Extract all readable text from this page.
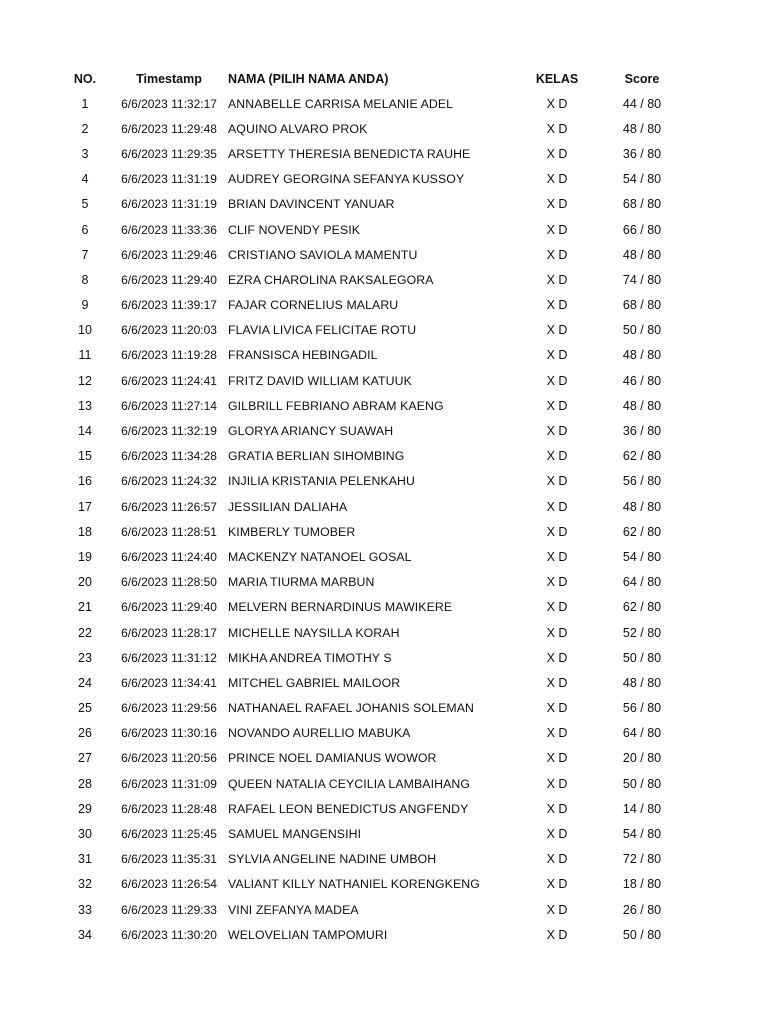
NO.	Timestamp	NAMA (PILIH NAMA ANDA)	KELAS	Score
1	6/6/2023 11:32:17	ANNABELLE CARRISA MELANIE ADEL	X D	44 / 80
2	6/6/2023 11:29:48	AQUINO ALVARO PROK	X D	48 / 80
3	6/6/2023 11:29:35	ARSETTY THERESIA BENEDICTA RAUHE	X D	36 / 80
4	6/6/2023 11:31:19	AUDREY GEORGINA SEFANYA KUSSOY	X D	54 / 80
5	6/6/2023 11:31:19	BRIAN DAVINCENT YANUAR	X D	68 / 80
6	6/6/2023 11:33:36	CLIF NOVENDY PESIK	X D	66 / 80
7	6/6/2023 11:29:46	CRISTIANO SAVIOLA MAMENTU	X D	48 / 80
8	6/6/2023 11:29:40	EZRA CHAROLINA RAKSALEGORA	X D	74 / 80
9	6/6/2023 11:39:17	FAJAR CORNELIUS MALARU	X D	68 / 80
10	6/6/2023 11:20:03	FLAVIA LIVICA FELICITAE ROTU	X D	50 / 80
11	6/6/2023 11:19:28	FRANSISCA HEBINGADIL	X D	48 / 80
12	6/6/2023 11:24:41	FRITZ DAVID WILLIAM KATUUK	X D	46 / 80
13	6/6/2023 11:27:14	GILBRILL FEBRIANO ABRAM KAENG	X D	48 / 80
14	6/6/2023 11:32:19	GLORYA ARIANCY SUAWAH	X D	36 / 80
15	6/6/2023 11:34:28	GRATIA BERLIAN SIHOMBING	X D	62 / 80
16	6/6/2023 11:24:32	INJILIA KRISTANIA PELENKAHU	X D	56 / 80
17	6/6/2023 11:26:57	JESSILIAN DALIAHA	X D	48 / 80
18	6/6/2023 11:28:51	KIMBERLY TUMOBER	X D	62 / 80
19	6/6/2023 11:24:40	MACKENZY NATANOEL GOSAL	X D	54 / 80
20	6/6/2023 11:28:50	MARIA TIURMA MARBUN	X D	64 / 80
21	6/6/2023 11:29:40	MELVERN BERNARDINUS MAWIKERE	X D	62 / 80
22	6/6/2023 11:28:17	MICHELLE NAYSILLA KORAH	X D	52 / 80
23	6/6/2023 11:31:12	MIKHA ANDREA TIMOTHY S	X D	50 / 80
24	6/6/2023 11:34:41	MITCHEL GABRIEL MAILOOR	X D	48 / 80
25	6/6/2023 11:29:56	NATHANAEL RAFAEL JOHANIS SOLEMAN	X D	56 / 80
26	6/6/2023 11:30:16	NOVANDO AURELLIO MABUKA	X D	64 / 80
27	6/6/2023 11:20:56	PRINCE NOEL DAMIANUS WOWOR	X D	20 / 80
28	6/6/2023 11:31:09	QUEEN NATALIA CEYCILIA LAMBAIHANG	X D	50 / 80
29	6/6/2023 11:28:48	RAFAEL LEON BENEDICTUS ANGFENDY	X D	14 / 80
30	6/6/2023 11:25:45	SAMUEL MANGENSIHI	X D	54 / 80
31	6/6/2023 11:35:31	SYLVIA ANGELINE NADINE UMBOH	X D	72 / 80
32	6/6/2023 11:26:54	VALIANT KILLY NATHANIEL KORENGKENG	X D	18 / 80
33	6/6/2023 11:29:33	VINI ZEFANYA MADEA	X D	26 / 80
34	6/6/2023 11:30:20	WELOVELIAN TAMPOMURI	X D	50 / 80
